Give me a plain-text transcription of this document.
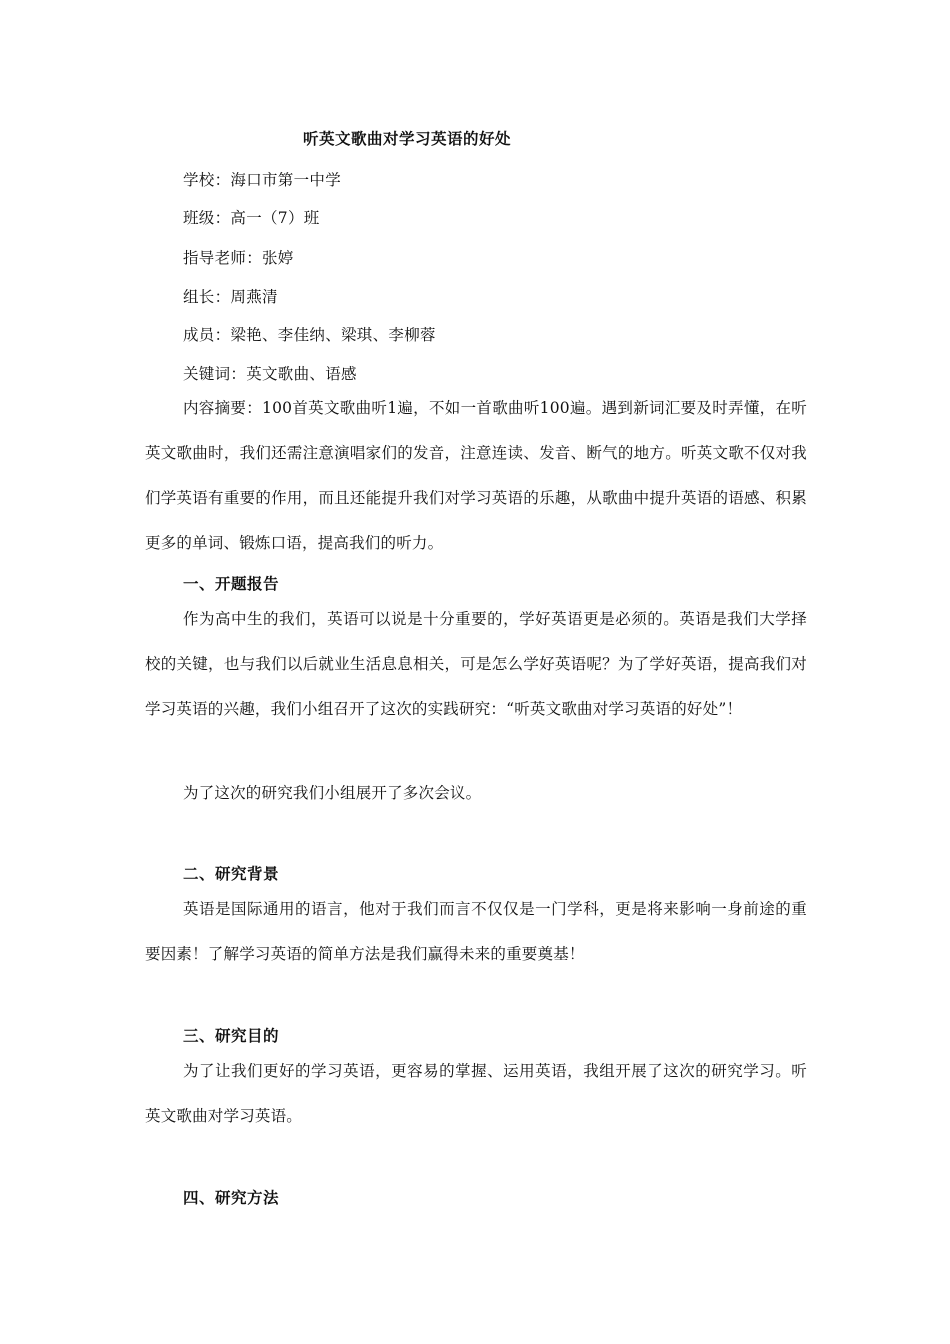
听英文歌曲对学习英语的好处
学校：海口市第一中学
班级：高一（7）班
指导老师：张婷
组长：周燕清
成员：梁艳、李佳纳、梁琪、李柳蓉
关键词：英文歌曲、语感

内容摘要：100首英文歌曲听1遍，不如一首歌曲听100遍。遇到新词汇要及时弄懂，在听英文歌曲时，我们还需注意演唱家们的发音，注意连读、发音、断气的地方。听英文歌不仅对我们学英语有重要的作用，而且还能提升我们对学习英语的乐趣，从歌曲中提升英语的语感、积累更多的单词、锻炼口语，提高我们的听力。

一、开题报告

作为高中生的我们，英语可以说是十分重要的，学好英语更是必须的。英语是我们大学择校的关键，也与我们以后就业生活息息相关，可是怎么学好英语呢？为了学好英语，提高我们对学习英语的兴趣，我们小组召开了这次的实践研究：“听英文歌曲对学习英语的好处”！

为了这次的研究我们小组展开了多次会议。

二、研究背景

英语是国际通用的语言，他对于我们而言不仅仅是一门学科，更是将来影响一身前途的重要因素！了解学习英语的简单方法是我们赢得未来的重要奠基！

三、研究目的

为了让我们更好的学习英语，更容易的掌握、运用英语，我组开展了这次的研究学习。听英文歌曲对学习英语。

四、研究方法
